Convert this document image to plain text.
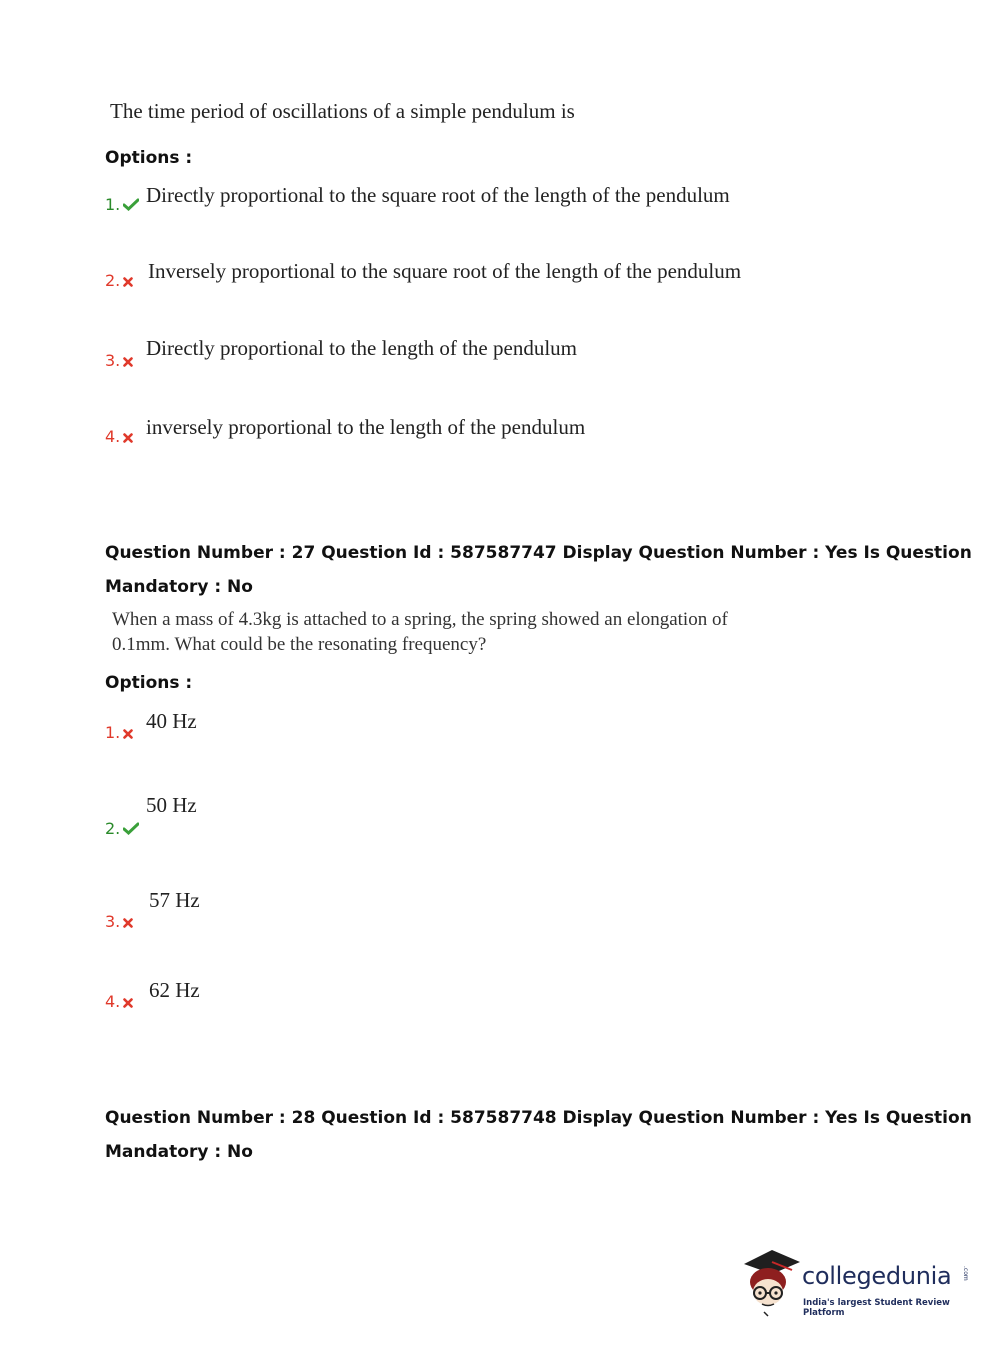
The time period of oscillations of a simple pendulum is
Options :
1.	Directly proportional to the square root of the length of the pendulum
2.	Inversely proportional to the square root of the length of the pendulum
3.
Directly proportional to the length of the pendulum
4.	inversely proportional to the length of the pendulum
Question Number : 27 Question Id : 587587747 Display Question Number : Yes Is Question
Mandatory : No
When a mass of 4.3kg is attached to a spring, the spring showed an elongation of
0.1mm. What could be the resonating frequency?
Options :
1.	40 Hz
2.
50 Hz
3.
57 Hz
4.	62 Hz
Question Number : 28 Question Id : 587587748 Display Question Number : Yes Is Question
Mandatory : No
collegedunia .com
India's largest Student Review Platform
